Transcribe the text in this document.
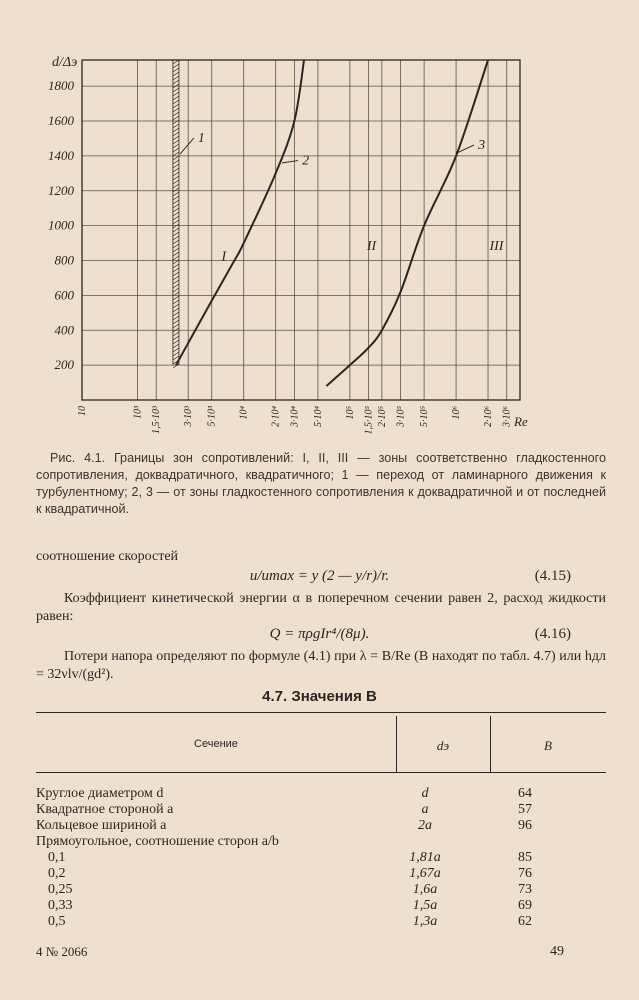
d/Δэ
200
400
600
800
1000
1200
1400
1600
1800
10	10³ 1,5·10³ 3·10³ 5·10³ 10⁴ 2·10⁴ 3·10⁴ 5·10⁴ 10⁵ 1,5·10⁵ 2·10⁵ 3·10⁵ 5·10⁵ 10⁶ 2·10⁶ 3·10⁶ Re
1
2
3
I
II	III
Рис. 4.1. Границы зон сопротивлений: I, II, III — зоны соответственно гладкостенного сопротивления, доквадратичного, квадратичного; 1 — переход от ламинарного движения к турбулентному; 2, 3 — от зоны гладкостенного сопротивления к доквадратичной и от последней к квадратичной.
соотношение скоростей
u/umax = y (2 — y/r)/r.	(4.15)
Коэффициент кинетической энергии α в поперечном сечении равен 2, расход жидкости равен:
Q = πρgIr⁴/(8μ).	(4.16)
Потери напора определяют по формуле (4.1) при λ = B/Re (B находят по табл. 4.7) или hдл = 32νlv/(gd²).
4.7. Значения B
Сечение	dэ	B
Круглое диаметром d	d	64
Квадратное стороной a	a	57
Кольцевое шириной a	2a	96
Прямоугольное, соотношение сторон a/b
0,1	1,81a	85
0,2	1,67a	76
0,25	1,6a	73
0,33	1,5a	69
0,5	1,3a	62
4 № 2066	49
